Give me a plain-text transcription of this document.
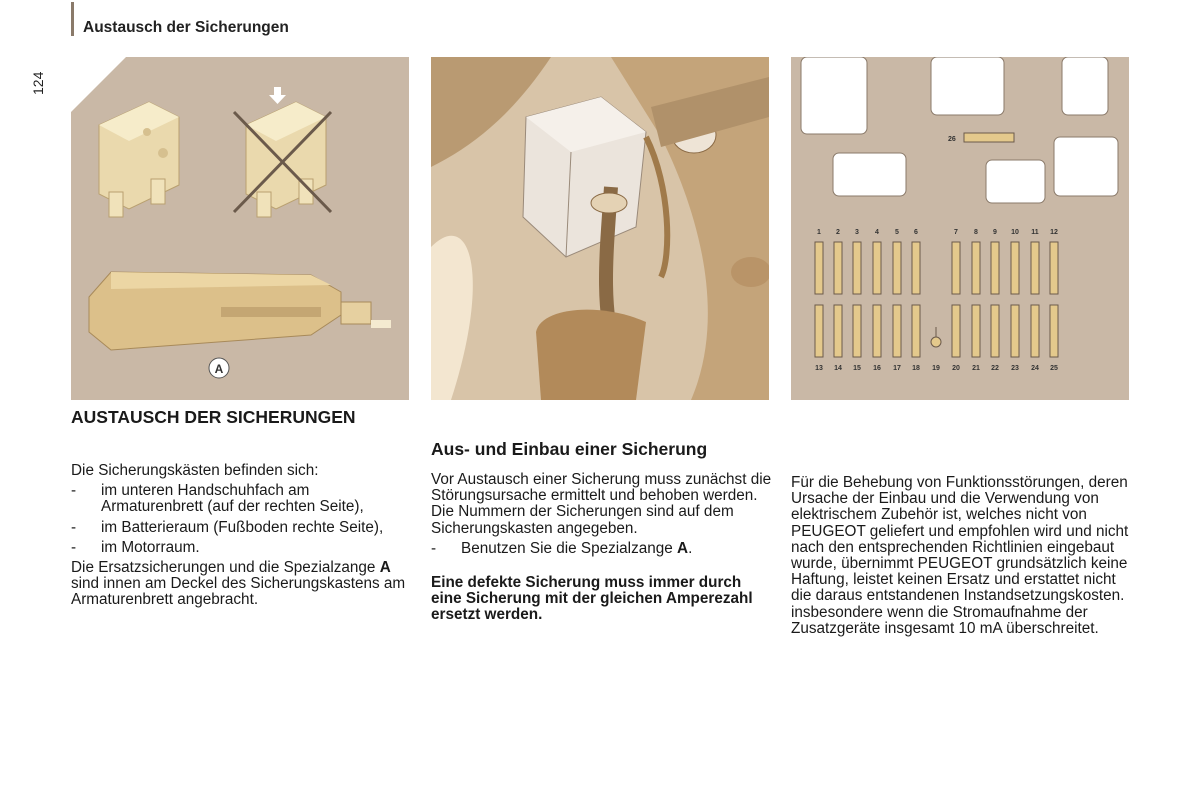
Austausch der Sicherungen
124
A
26
1 2 3 4 5 6	7 8 9 10 11 12
13 14 15 16 17 18 19 20 21 22 23 24 25
AUSTAUSCH DER SICHERUNGEN

Die Sicherungskästen befinden sich:

- im unteren Handschuhfach am Armaturenbrett (auf der rechten Seite),

- im Batterieraum (Fußboden rechte Seite),

- im Motorraum.

Die Ersatzsicherungen und die Spezialzange A sind innen am Deckel des Sicherungskastens am Armaturenbrett angebracht.

Aus- und Einbau einer Sicherung

Vor Austausch einer Sicherung muss zunächst die Störungsursache ermittelt und behoben werden. Die Nummern der Sicherungen sind auf dem Sicherungskasten angegeben.

- Benutzen Sie die Spezialzange A.

Eine defekte Sicherung muss immer durch eine Sicherung mit der gleichen Amperezahl ersetzt werden.

Für die Behebung von Funktionsstörungen, deren Ursache der Einbau und die Verwendung von elektrischem Zubehör ist, welches nicht von PEUGEOT geliefert und empfohlen wird und nicht nach den entsprechenden Richtlinien eingebaut wurde, übernimmt PEUGEOT grundsätzlich keine Haftung, leistet keinen Ersatz und erstattet nicht die daraus entstandenen Instandsetzungskosten. insbesondere wenn die Stromaufnahme der Zusatzgeräte insgesamt 10 mA überschreitet.
